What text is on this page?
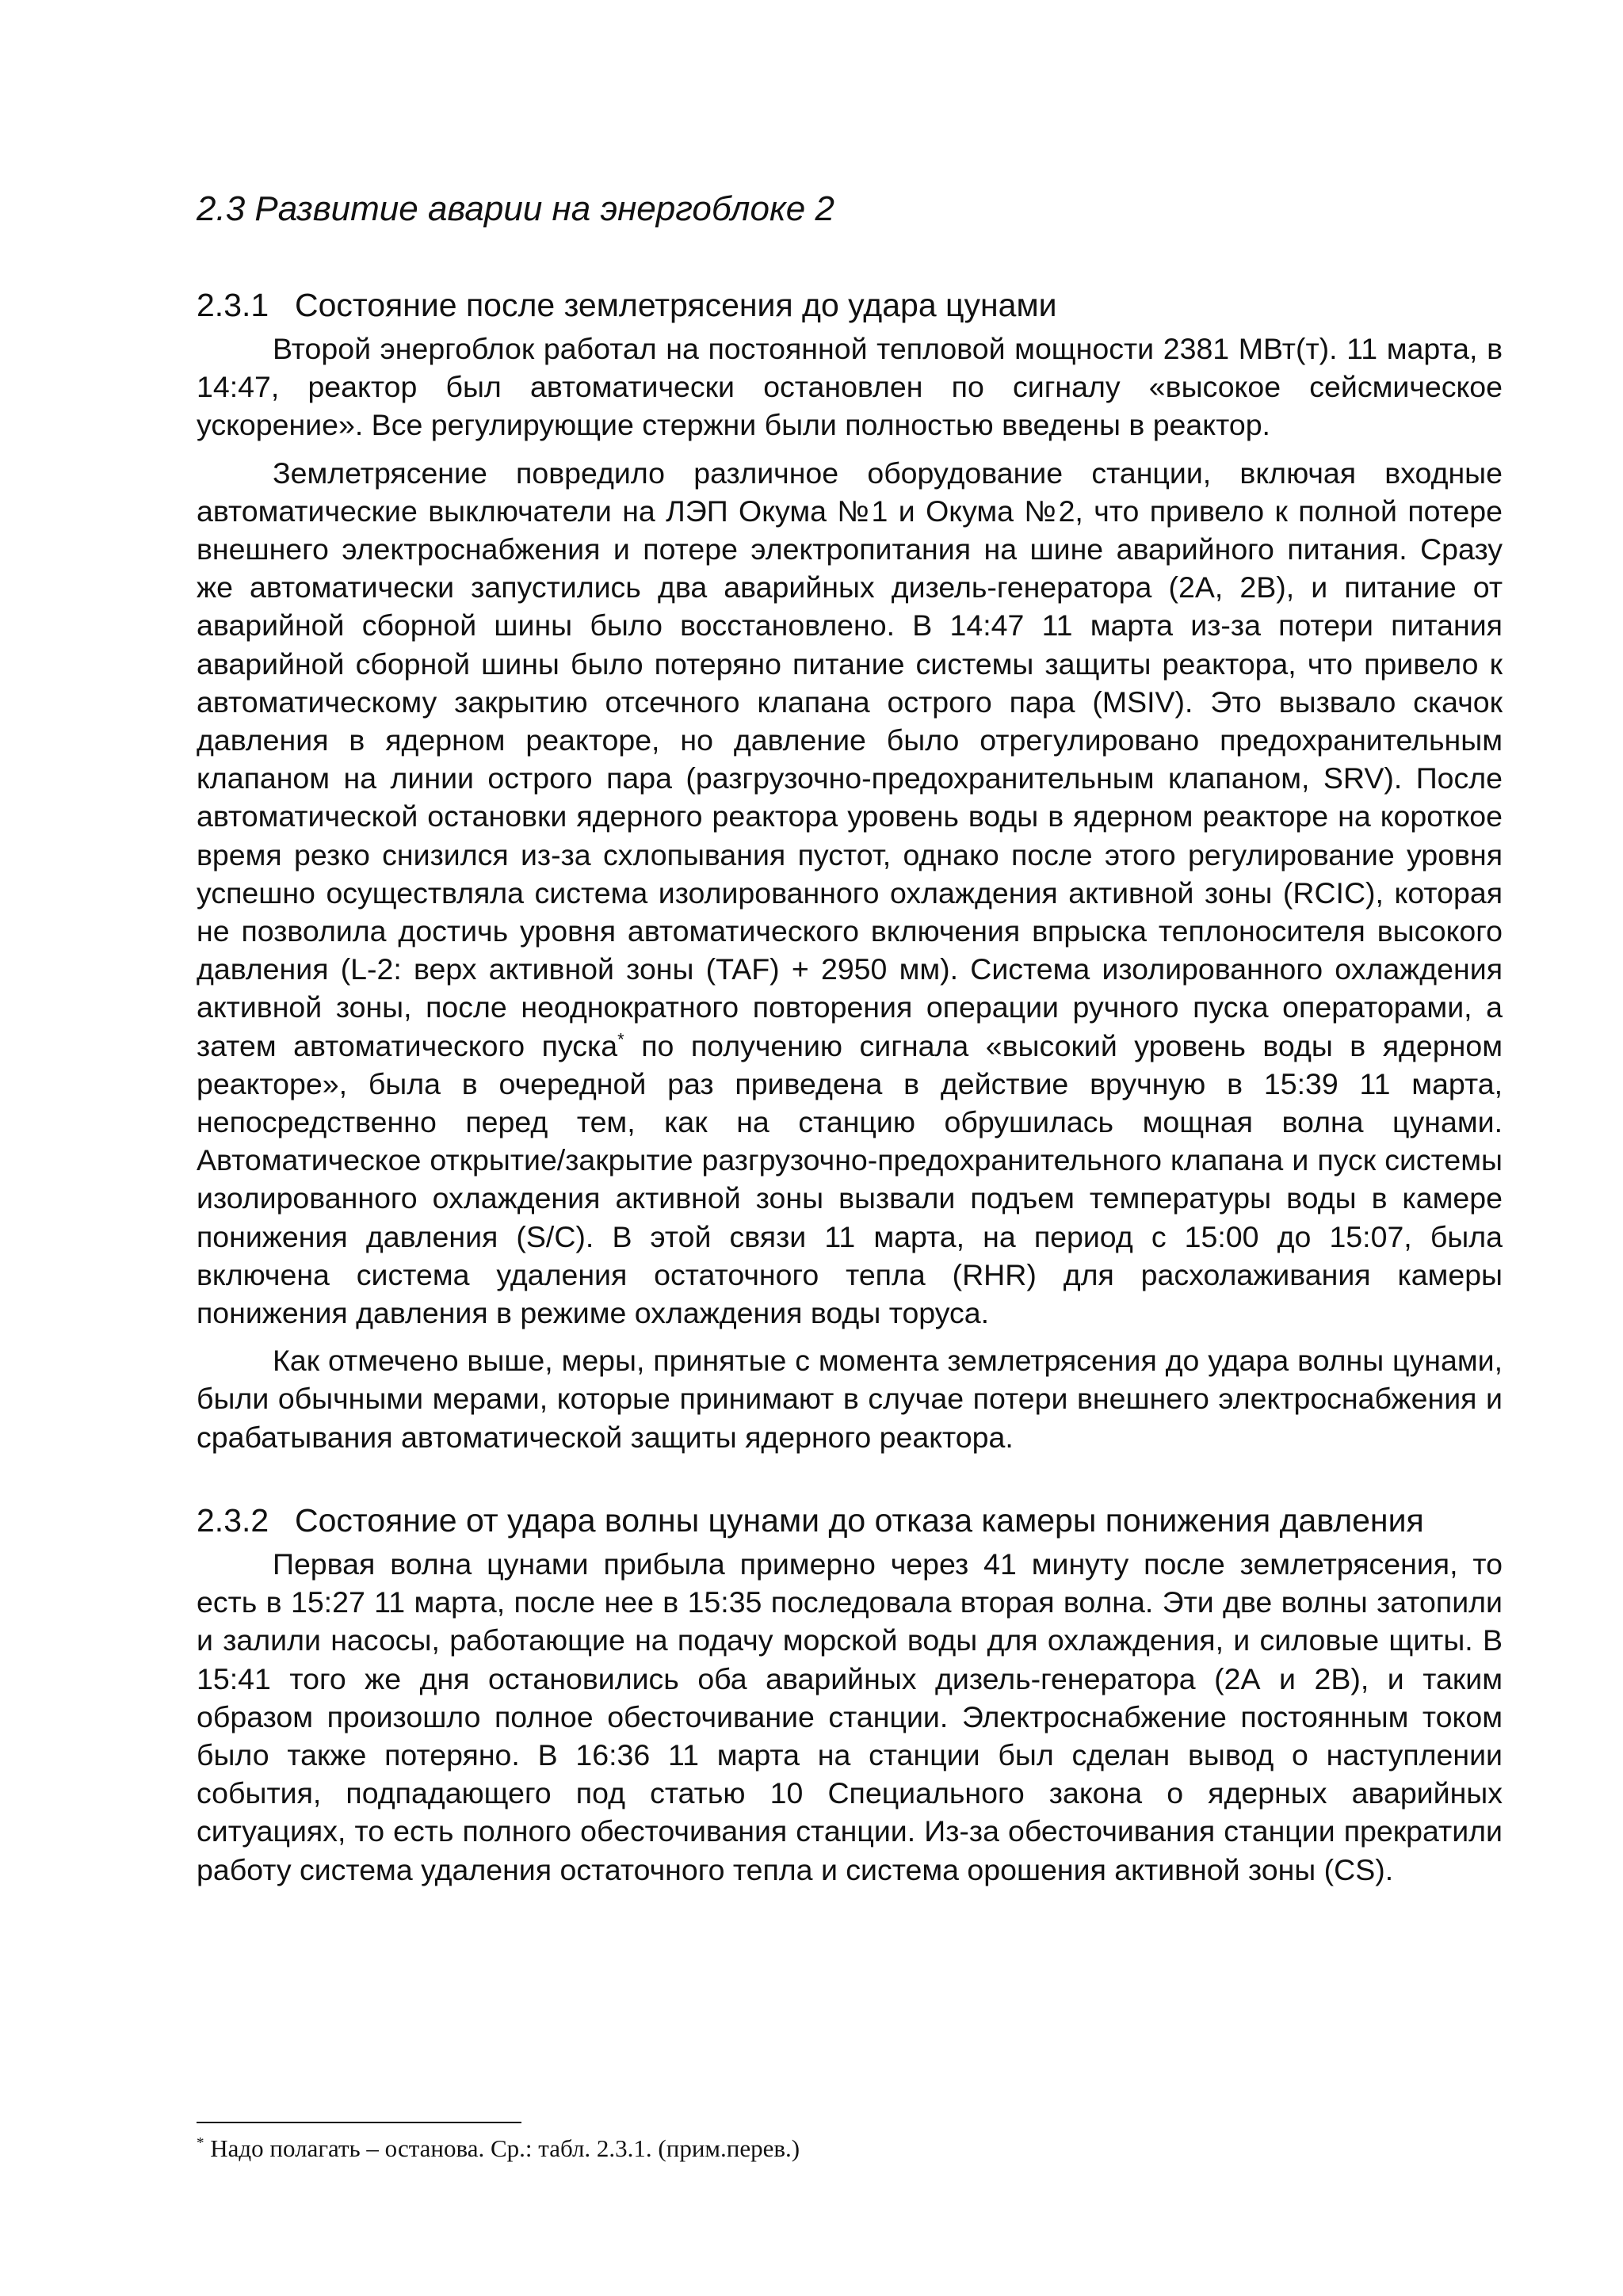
2.3 Развитие аварии на энергоблоке 2
2.3.1 Состояние после землетрясения до удара цунами

Второй энергоблок работал на постоянной тепловой мощности 2381 МВт(т). 11 марта, в 14:47, реактор был автоматически остановлен по сигналу «высокое сейсмическое ускорение». Все регулирующие стержни были полностью введены в реактор.

Землетрясение повредило различное оборудование станции, включая входные автоматические выключатели на ЛЭП Окума №1 и Окума №2, что привело к полной потере внешнего электроснабжения и потере электропитания на шине аварийного питания. Сразу же автоматически запустились два аварийных дизель-генератора (2А, 2В), и питание от аварийной сборной шины было восстановлено. В 14:47 11 марта из-за потери питания аварийной сборной шины было потеряно питание системы защиты реактора, что привело к автоматическому закрытию отсечного клапана острого пара (MSIV). Это вызвало скачок давления в ядерном реакторе, но давление было отрегулировано предохранительным клапаном на линии острого пара (разгрузочно-предохранительным клапаном, SRV). После автоматической остановки ядерного реактора уровень воды в ядерном реакторе на короткое время резко снизился из-за схлопывания пустот, однако после этого регулирование уровня успешно осуществляла система изолированного охлаждения активной зоны (RCIC), которая не позволила достичь уровня автоматического включения впрыска теплоносителя высокого давления (L-2: верх активной зоны (TAF) + 2950 мм). Система изолированного охлаждения активной зоны, после неоднократного повторения операции ручного пуска операторами, а затем автоматического пуска* по получению сигнала «высокий уровень воды в ядерном реакторе», была в очередной раз приведена в действие вручную в 15:39 11 марта, непосредственно перед тем, как на станцию обрушилась мощная волна цунами. Автоматическое открытие/закрытие разгрузочно-предохранительного клапана и пуск системы изолированного охлаждения активной зоны вызвали подъем температуры воды в камере понижения давления (S/C). В этой связи 11 марта, на период с 15:00 до 15:07, была включена система удаления остаточного тепла (RHR) для расхолаживания камеры понижения давления в режиме охлаждения воды торуса.

Как отмечено выше, меры, принятые с момента землетрясения до удара волны цунами, были обычными мерами, которые принимают в случае потери внешнего электроснабжения и срабатывания автоматической защиты ядерного реактора.

2.3.2 Состояние от удара волны цунами до отказа камеры понижения давления

Первая волна цунами прибыла примерно через 41 минуту после землетрясения, то есть в 15:27 11 марта, после нее в 15:35 последовала вторая волна. Эти две волны затопили и залили насосы, работающие на подачу морской воды для охлаждения, и силовые щиты. В 15:41 того же дня остановились оба аварийных дизель-генератора (2А и 2В), и таким образом произошло полное обесточивание станции. Электроснабжение постоянным током было также потеряно. В 16:36 11 марта на станции был сделан вывод о наступлении события, подпадающего под статью 10 Специального закона о ядерных аварийных ситуациях, то есть полного обесточивания станции. Из-за обесточивания станции прекратили работу система удаления остаточного тепла и система орошения активной зоны (CS).

* Надо полагать – останова. Ср.: табл. 2.3.1. (прим.перев.)
